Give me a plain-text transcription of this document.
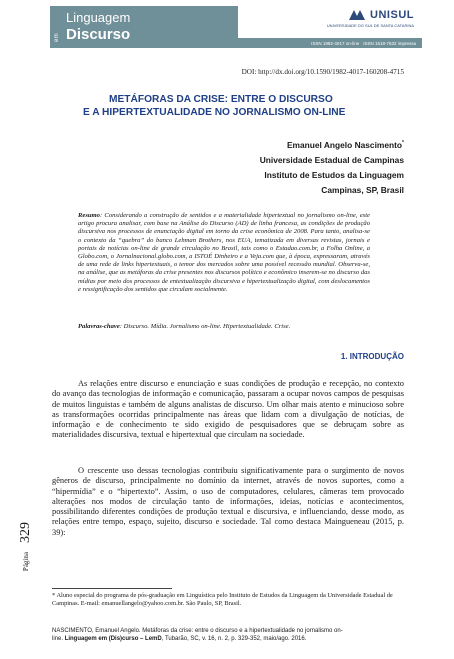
em
Linguagem
Discurso
UNISUL
UNIVERSIDADE DO SUL DE SANTA CATARINA
ISSN 1982-4017 on-line ISSN 1518-7632 impressa
DOI: http://dx.doi.org/10.1590/1982-4017-160208-4715
METÁFORAS DA CRISE: ENTRE O DISCURSO
E A HIPERTEXTUALIDADE NO JORNALISMO ON-LINE
Emanuel Angelo Nascimento*
Universidade Estadual de Campinas
Instituto de Estudos da Linguagem
Campinas, SP, Brasil
Resumo: Considerando a construção de sentidos e a materialidade hipertextual no jornalismo on-line, este artigo procura analisar, com base na Análise do Discurso (AD) de linha francesa, as condições de produção discursiva nos processos de enunciação digital em torno da crise econômica de 2008. Para tanto, analisa-se o contexto da “quebra” do banco Lehman Brothers, nos EUA, tematizada em diversas revistas, jornais e portais de notícias on-line de grande circulação no Brasil, tais como o Estadao.com.br, a Folha Online, a Globo.com, o Jornalnacional.globo.com, a ISTOÉ Dinheiro e a Veja.com que, à época, expressaram, através de uma rede de links hipertextuais, o temor dos mercados sobre uma possível recessão mundial. Observa-se, na análise, que as metáforas da crise presentes nos discursos político e econômico inserem-se no discurso das mídias por meio dos processos de entextualização discursiva e hipertextualização digital, com deslocamentos e ressignificação dos sentidos que circulam socialmente.
Palavras-chave: Discurso. Mídia. Jornalismo on-line. Hipertextualidade. Crise.
1. INTRODUÇÃO
As relações entre discurso e enunciação e suas condições de produção e recepção, no contexto do avanço das tecnologias de informação e comunicação, passaram a ocupar novos campos de pesquisas de muitos linguistas e também de alguns analistas de discurso. Um olhar mais atento e minucioso sobre as transformações ocorridas principalmente nas áreas que lidam com a divulgação de notícias, de informação e de conhecimento te sido exigido de pesquisadores que se debruçam sobre as materialidades discursiva, textual e hipertextual que circulam na sociedade.
O crescente uso dessas tecnologias contribuiu significativamente para o surgimento de novos gêneros de discurso, principalmente no domínio da internet, através de novos suportes, como a “hipermídia” e o “hipertexto”. Assim, o uso de computadores, celulares, câmeras tem provocado alterações nos modos de circulação tanto de informações, ideias, notícias e acontecimentos, possibilitando diferentes condições de produção textual e discursiva, e influenciando, desse modo, as relações entre tempo, espaço, sujeito, discurso e sociedade. Tal como destaca Maingueneau (2015, p. 39):
Página
329
* Aluno especial do programa de pós-graduação em Linguística pelo Instituto de Estudos da Linguagem da Universidade Estadual de Campinas. E-mail: emanuellangelo@yahoo.com.br. São Paulo, SP, Brasil.
NASCIMENTO, Emanuel Angelo. Metáforas da crise: entre o discurso e a hipertextualidade no jornalismo on-
line. Linguagem em (Dis)curso – LemD, Tubarão, SC, v. 16, n. 2, p. 329-352, maio/ago. 2016.
